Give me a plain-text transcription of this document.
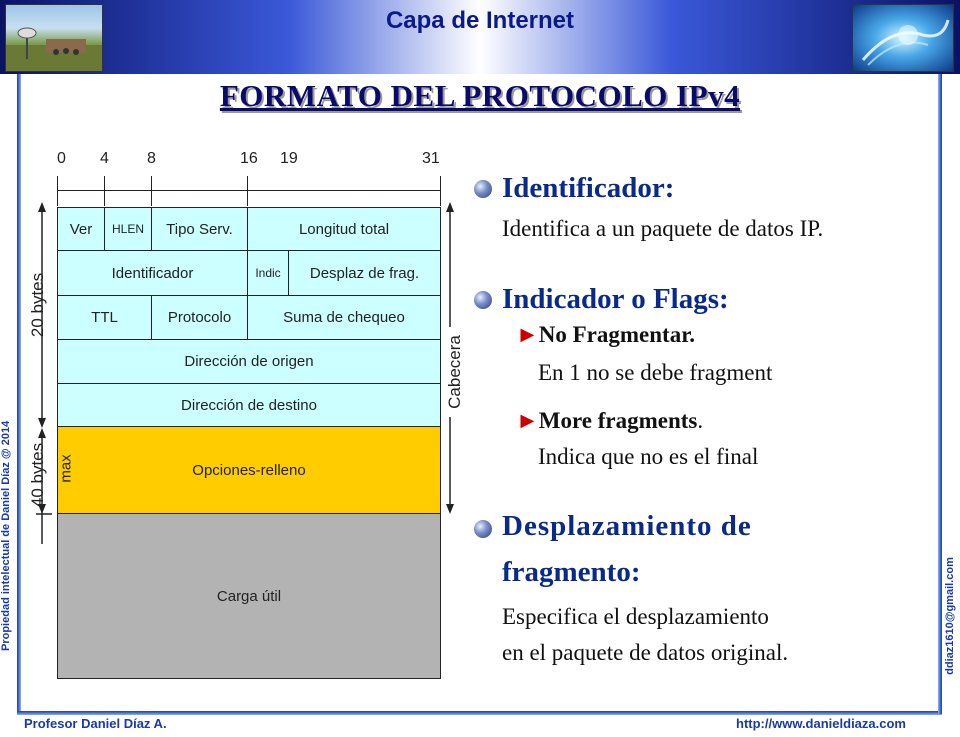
Capa de Internet
FORMATO DEL PROTOCOLO IPv4
Propiedad intelectual de Daniel Díaz @ 2014	ddiaz1610@gmail.com
Profesor Daniel Díaz A.	http://www.danieldiaza.com
0 4 8	16 19	31
Ver	HLEN	Tipo Serv.	Longitud total
Identificador	Indic	Desplaz de frag.
TTL	Protocolo	Suma de chequeo
Dirección de origen
Dirección de destino
Opciones-relleno
Carga útil
20 bytes
40 bytes max
Cabecera
Identificador:
Identifica a un paquete de datos IP.
Indicador o Flags:
►No Fragmentar.
En 1 no se debe fragment
►More fragments.
Indica que no es el final
Desplazamiento de
fragmento:
Especifica el desplazamiento
en el paquete de datos original.
